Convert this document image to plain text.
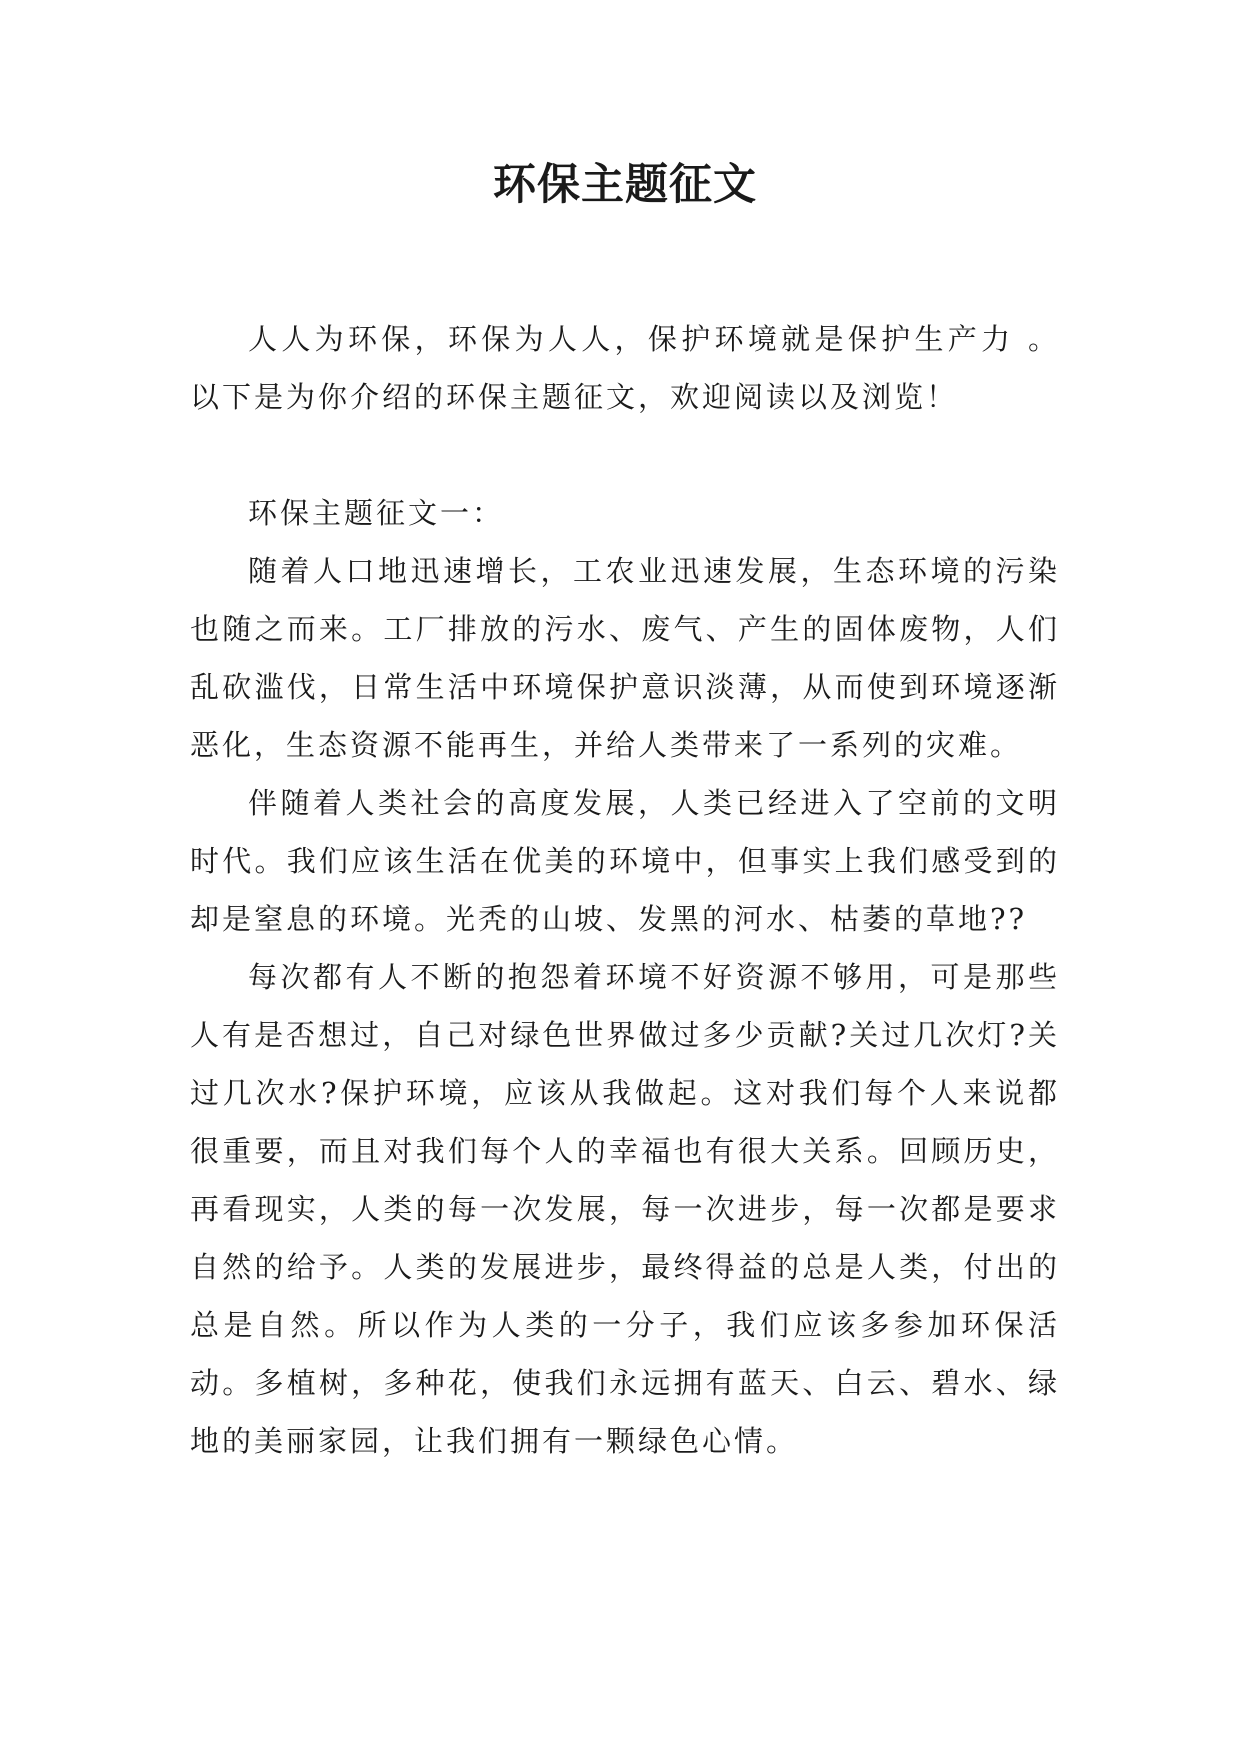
环保主题征文

人人为环保，环保为人人，保护环境就是保护生产力 。以下是为你介绍的环保主题征文，欢迎阅读以及浏览！

环保主题征文一：

随着人口地迅速增长，工农业迅速发展，生态环境的污染也随之而来。工厂排放的污水、废气、产生的固体废物，人们乱砍滥伐，日常生活中环境保护意识淡薄，从而使到环境逐渐恶化，生态资源不能再生，并给人类带来了一系列的灾难。

伴随着人类社会的高度发展，人类已经进入了空前的文明时代。我们应该生活在优美的环境中，但事实上我们感受到的却是窒息的环境。光秃的山坡、发黑的河水、枯萎的草地??

每次都有人不断的抱怨着环境不好资源不够用，可是那些人有是否想过，自己对绿色世界做过多少贡献?关过几次灯?关过几次水?保护环境，应该从我做起。这对我们每个人来说都很重要，而且对我们每个人的幸福也有很大关系。回顾历史，再看现实，人类的每一次发展，每一次进步，每一次都是要求自然的给予。人类的发展进步，最终得益的总是人类，付出的总是自然。所以作为人类的一分子，我们应该多参加环保活动。多植树，多种花，使我们永远拥有蓝天、白云、碧水、绿地的美丽家园，让我们拥有一颗绿色心情。
